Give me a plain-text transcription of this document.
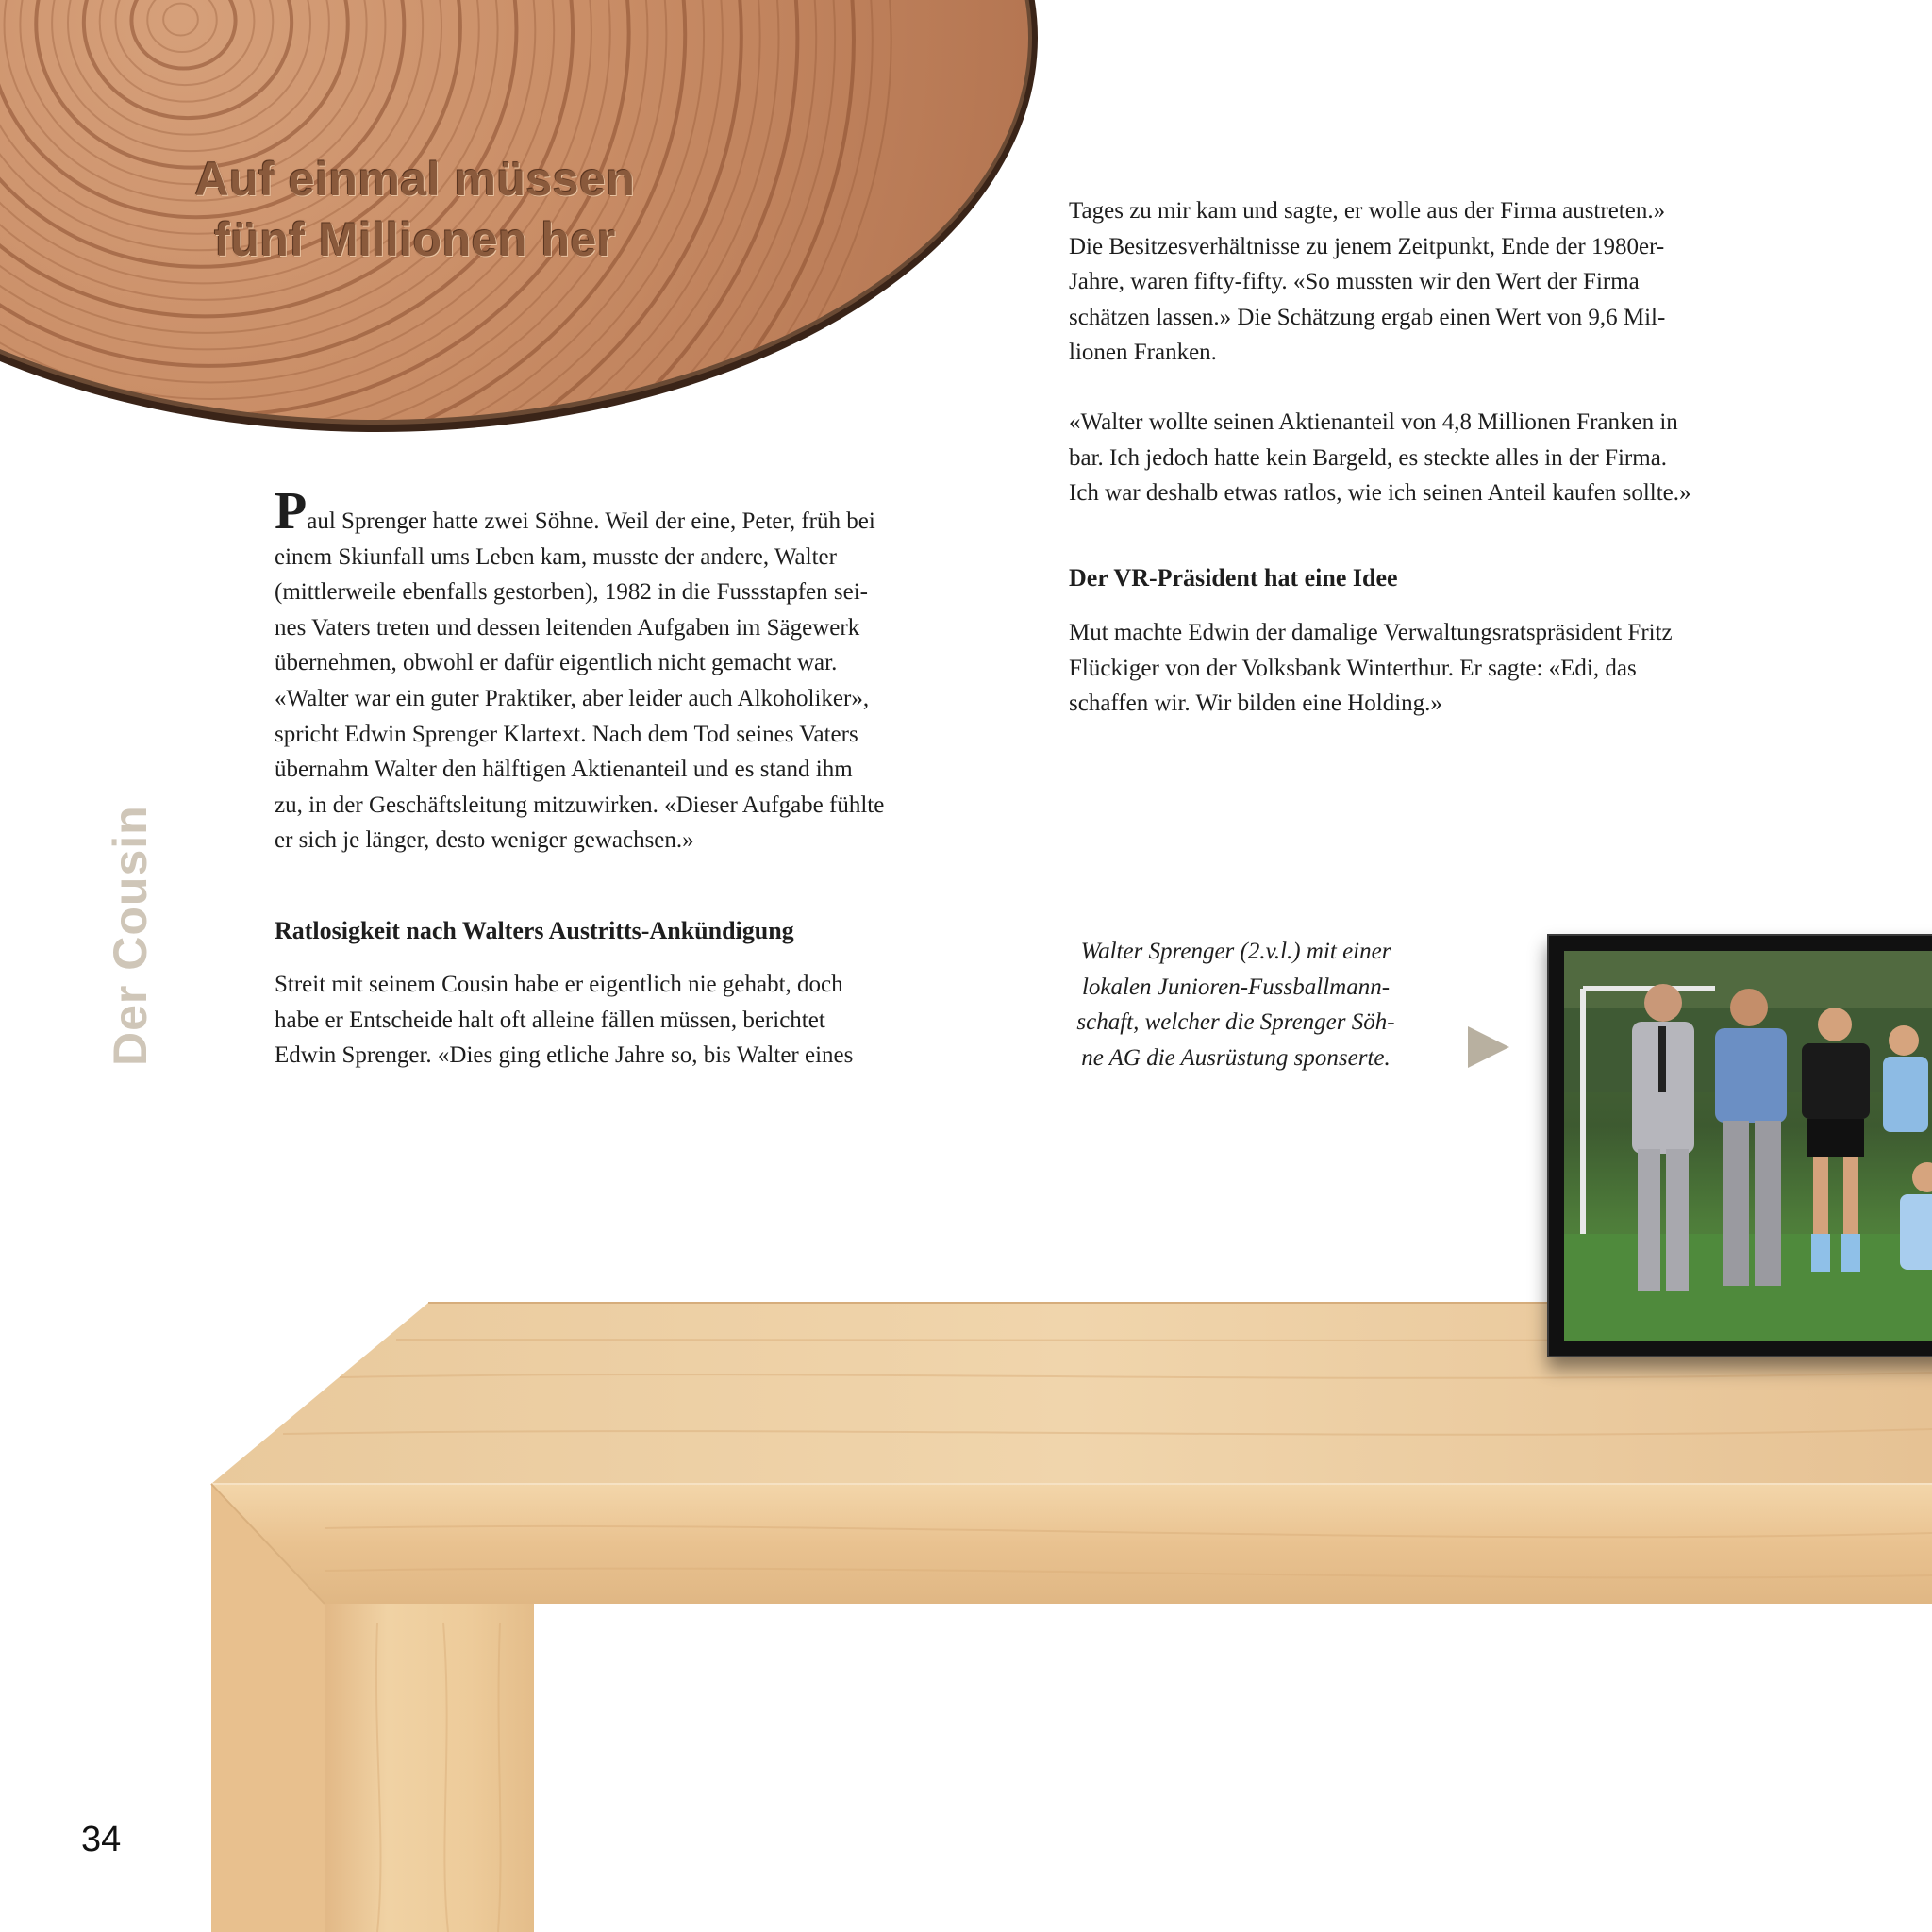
Auf einmal müssen
fünf Millionen her

Paul Sprenger hatte zwei Söhne. Weil der eine, Peter, früh bei
einem Skiunfall ums Leben kam, musste der andere, Walter
(mittlerweile ebenfalls gestorben), 1982 in die Fussstapfen sei-
nes Vaters treten und dessen leitenden Aufgaben im Sägewerk
übernehmen, obwohl er dafür eigentlich nicht gemacht war.
«Walter war ein guter Praktiker, aber leider auch Alkoholiker»,
spricht Edwin Sprenger Klartext. Nach dem Tod seines Vaters
übernahm Walter den hälftigen Aktienanteil und es stand ihm
zu, in der Geschäftsleitung mitzuwirken. «Dieser Aufgabe fühlte
er sich je länger, desto weniger gewachsen.»

Ratlosigkeit nach Walters Austritts-Ankündigung

Streit mit seinem Cousin habe er eigentlich nie gehabt, doch
habe er Entscheide halt oft alleine fällen müssen, berichtet
Edwin Sprenger. «Dies ging etliche Jahre so, bis Walter eines

Tages zu mir kam und sagte, er wolle aus der Firma austreten.»
Die Besitzesverhältnisse zu jenem Zeitpunkt, Ende der 1980er-
Jahre, waren fifty-fifty. «So mussten wir den Wert der Firma
schätzen lassen.» Die Schätzung ergab einen Wert von 9,6 Mil-
lionen Franken.

«Walter wollte seinen Aktienanteil von 4,8 Millionen Franken in
bar. Ich jedoch hatte kein Bargeld, es steckte alles in der Firma.
Ich war deshalb etwas ratlos, wie ich seinen Anteil kaufen sollte.»

Der VR-Präsident hat eine Idee

Mut machte Edwin der damalige Verwaltungsratspräsident Fritz
Flückiger von der Volksbank Winterthur. Er sagte: «Edi, das
schaffen wir. Wir bilden eine Holding.»

Walter Sprenger (2.v.l.) mit einer
lokalen Junioren-Fussballmann-
schaft, welcher die Sprenger Söh-
ne AG die Ausrüstung sponserte.
Der Cousin
34
